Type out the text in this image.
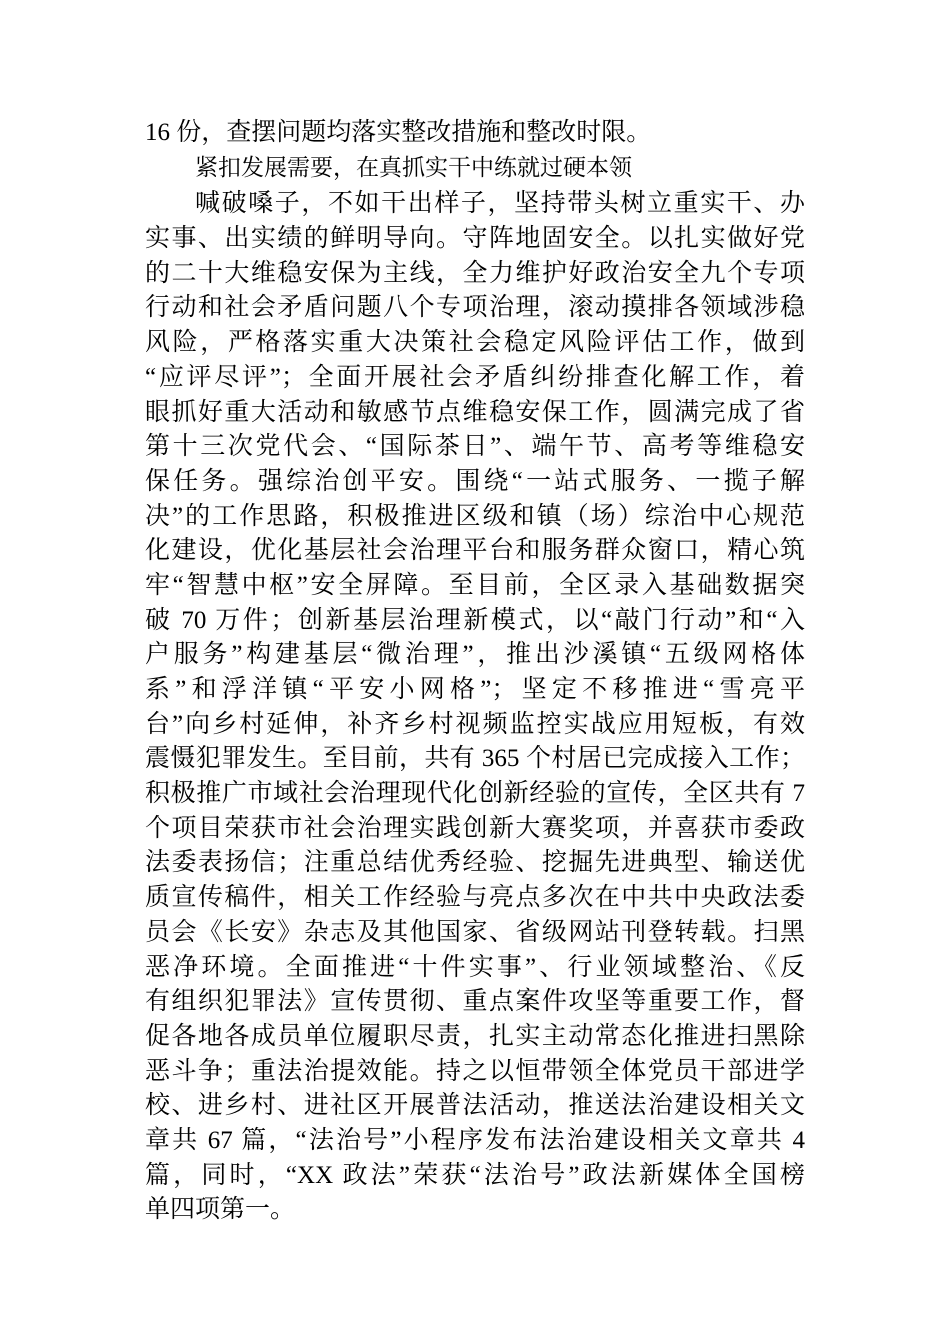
16 份，查摆问题均落实整改措施和整改时限。
紧扣发展需要，在真抓实干中练就过硬本领
喊破嗓子，不如干出样子，坚持带头树立重实干、办
实事、出实绩的鲜明导向。守阵地固安全。以扎实做好党
的二十大维稳安保为主线，全力维护好政治安全九个专项
行动和社会矛盾问题八个专项治理，滚动摸排各领域涉稳
风险，严格落实重大决策社会稳定风险评估工作，做到
“应评尽评”；全面开展社会矛盾纠纷排查化解工作，着
眼抓好重大活动和敏感节点维稳安保工作，圆满完成了省
第十三次党代会、“国际茶日”、端午节、高考等维稳安
保任务。强综治创平安。围绕“一站式服务、一揽子解
决”的工作思路，积极推进区级和镇（场）综治中心规范
化建设，优化基层社会治理平台和服务群众窗口，精心筑
牢“智慧中枢”安全屏障。至目前，全区录入基础数据突
破 70 万件；创新基层治理新模式，以“敲门行动”和“入
户服务”构建基层“微治理”，推出沙溪镇“五级网格体
系”和浮洋镇“平安小网格”；坚定不移推进“雪亮平
台”向乡村延伸，补齐乡村视频监控实战应用短板，有效
震慑犯罪发生。至目前，共有 365 个村居已完成接入工作；
积极推广市域社会治理现代化创新经验的宣传，全区共有 7
个项目荣获市社会治理实践创新大赛奖项，并喜获市委政
法委表扬信；注重总结优秀经验、挖掘先进典型、输送优
质宣传稿件，相关工作经验与亮点多次在中共中央政法委
员会《长安》杂志及其他国家、省级网站刊登转载。扫黑
恶净环境。全面推进“十件实事”、行业领域整治、《反
有组织犯罪法》宣传贯彻、重点案件攻坚等重要工作，督
促各地各成员单位履职尽责，扎实主动常态化推进扫黑除
恶斗争；重法治提效能。持之以恒带领全体党员干部进学
校、进乡村、进社区开展普法活动，推送法治建设相关文
章共 67 篇，“法治号”小程序发布法治建设相关文章共 4
篇，同时，“XX 政法”荣获“法治号”政法新媒体全国榜
单四项第一。
